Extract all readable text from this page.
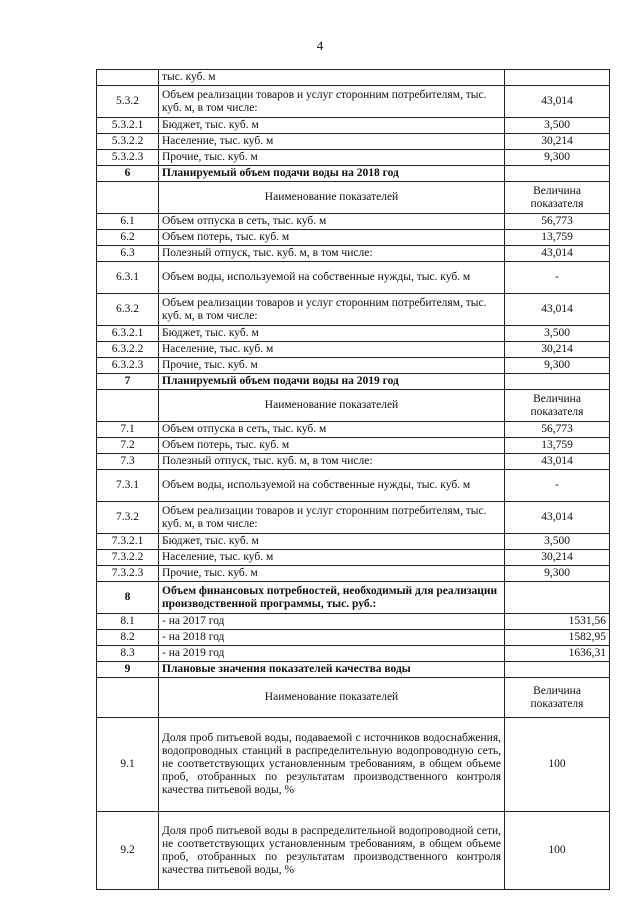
4
	тыс. куб. м	
5.3.2	Объем реализации товаров и услуг сторонним потребителям, тыс. куб. м, в том числе:	43,014
5.3.2.1	Бюджет, тыс. куб. м	3,500
5.3.2.2	Население, тыс. куб. м	30,214
5.3.2.3	Прочие, тыс. куб. м	9,300
6	Планируемый объем подачи воды на 2018 год	
	Наименование показателей	Величина показателя
6.1	Объем отпуска в сеть, тыс. куб. м	56,773
6.2	Объем потерь, тыс. куб. м	13,759
6.3	Полезный отпуск, тыс. куб. м, в том числе:	43,014
6.3.1	Объем воды, используемой на собственные нужды, тыс. куб. м	-
6.3.2	Объем реализации товаров и услуг сторонним потребителям, тыс. куб. м, в том числе:	43,014
6.3.2.1	Бюджет, тыс. куб. м	3,500
6.3.2.2	Население, тыс. куб. м	30,214
6.3.2.3	Прочие, тыс. куб. м	9,300
7	Планируемый объем подачи воды на 2019 год	
	Наименование показателей	Величина показателя
7.1	Объем отпуска в сеть, тыс. куб. м	56,773
7.2	Объем потерь, тыс. куб. м	13,759
7.3	Полезный отпуск, тыс. куб. м, в том числе:	43,014
7.3.1	Объем воды, используемой на собственные нужды, тыс. куб. м	-
7.3.2	Объем реализации товаров и услуг сторонним потребителям, тыс. куб. м, в том числе:	43,014
7.3.2.1	Бюджет, тыс. куб. м	3,500
7.3.2.2	Население, тыс. куб. м	30,214
7.3.2.3	Прочие, тыс. куб. м	9,300
8	Объем финансовых потребностей, необходимый для реализации производственной программы, тыс. руб.:	
8.1	- на 2017 год	1531,56
8.2	- на 2018 год	1582,95
8.3	- на 2019 год	1636,31
9	Плановые значения показателей качества воды	
	Наименование показателей	Величина показателя
9.1	Доля проб питьевой воды, подаваемой с источников водоснабжения, водопроводных станций в распределительную водопроводную сеть, не соответствующих установленным требованиям, в общем объеме проб, отобранных по результатам производственного контроля качества питьевой воды, %	100
9.2	Доля проб питьевой воды в распределительной водопроводной сети, не соответствующих установленным требованиям, в общем объеме проб, отобранных по результатам производственного контроля качества питьевой воды, %	100
